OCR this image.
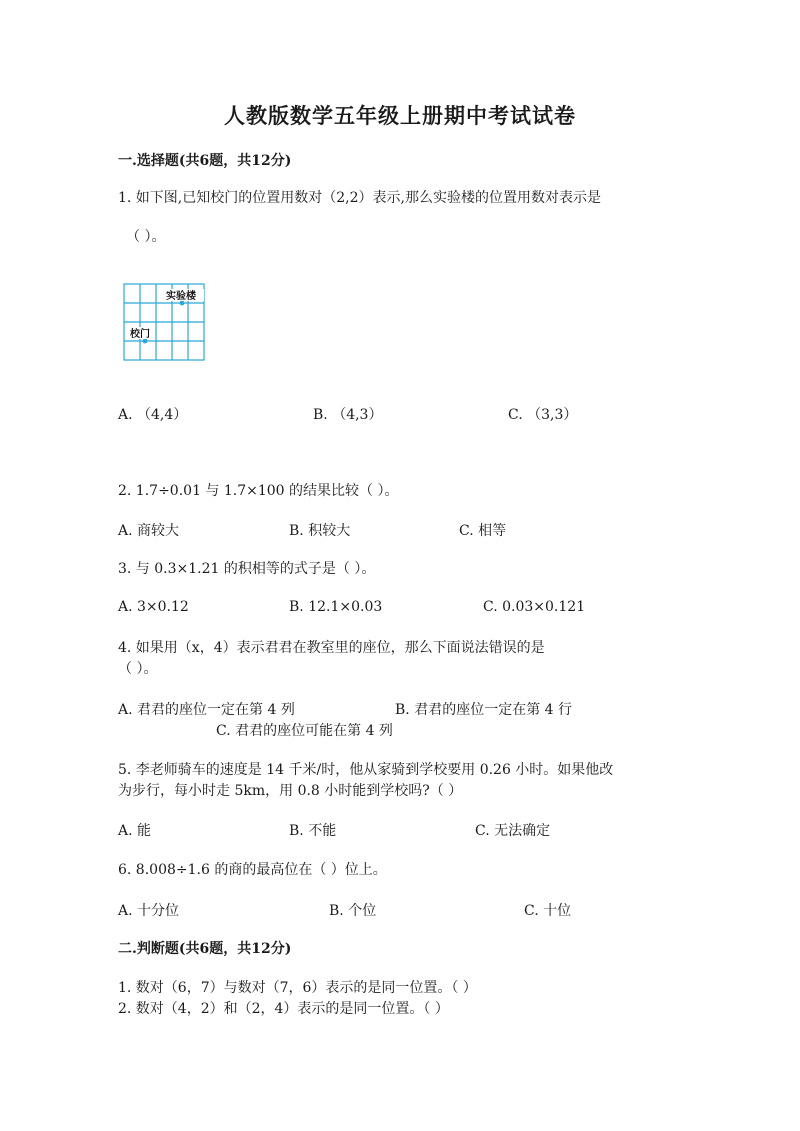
人教版数学五年级上册期中考试试卷
一.选择题(共6题，共12分)
1. 如下图,已知校门的位置用数对（2,2）表示,那么实验楼的位置用数对表示是
（ ）。
实验楼
校门
A. （4,4）	B. （4,3）	C. （3,3）
2. 1.7÷0.01 与 1.7×100 的结果比较（ ）。
A. 商较大	B. 积较大	C. 相等
3. 与 0.3×1.21 的积相等的式子是（ ）。
A. 3×0.12	B. 12.1×0.03	C. 0.03×0.121
4. 如果用（x，4）表示君君在教室里的座位，那么下面说法错误的是
（ ）。
A. 君君的座位一定在第 4 列	B. 君君的座位一定在第 4 行
C. 君君的座位可能在第 4 列
5. 李老师骑车的速度是 14 千米/时，他从家骑到学校要用 0.26 小时。如果他改
为步行，每小时走 5km，用 0.8 小时能到学校吗?（ ）
A. 能	B. 不能	C. 无法确定
6. 8.008÷1.6 的商的最高位在（ ）位上。
A. 十分位	B. 个位	C. 十位
二.判断题(共6题，共12分)
1. 数对（6，7）与数对（7，6）表示的是同一位置。（ ）
2. 数对（4，2）和（2，4）表示的是同一位置。（ ）
